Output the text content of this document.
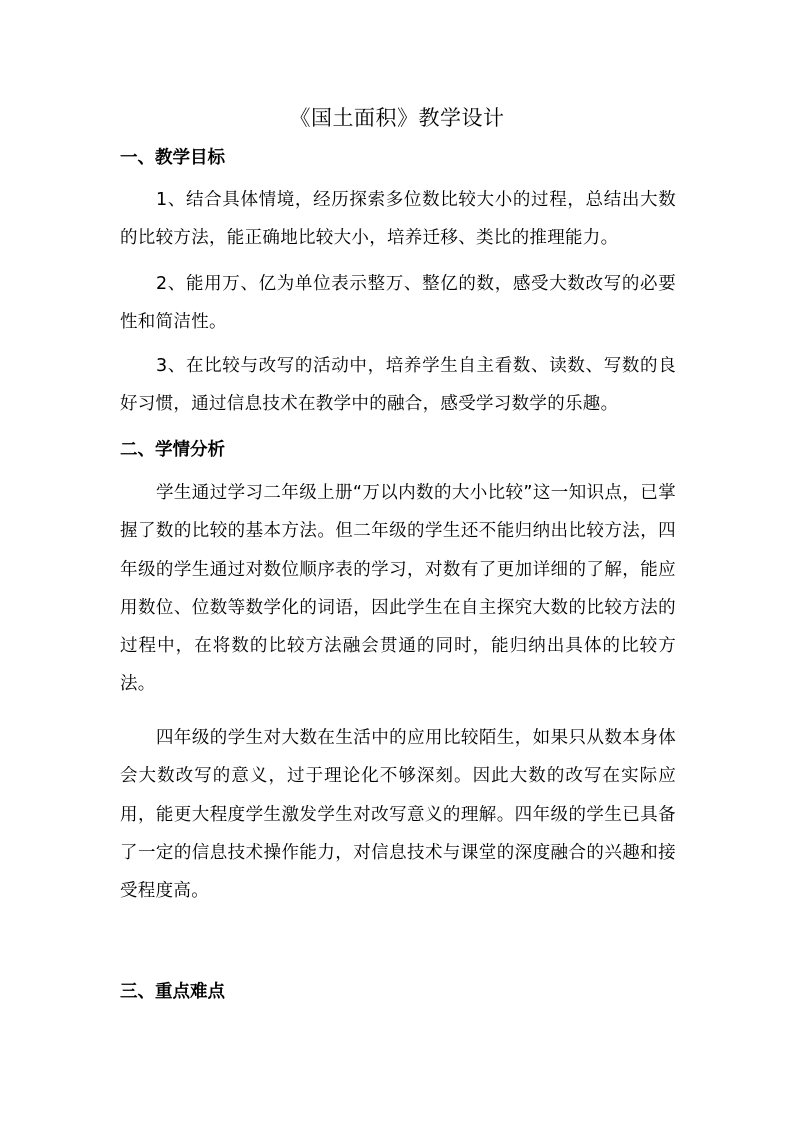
《国土面积》教学设计
一、教学目标
1、结合具体情境，经历探索多位数比较大小的过程，总结出大数的比较方法，能正确地比较大小，培养迁移、类比的推理能力。
2、能用万、亿为单位表示整万、整亿的数，感受大数改写的必要性和简洁性。
3、在比较与改写的活动中，培养学生自主看数、读数、写数的良好习惯，通过信息技术在教学中的融合，感受学习数学的乐趣。
二、学情分析
学生通过学习二年级上册“万以内数的大小比较”这一知识点，已掌握了数的比较的基本方法。但二年级的学生还不能归纳出比较方法，四年级的学生通过对数位顺序表的学习，对数有了更加详细的了解，能应用数位、位数等数学化的词语，因此学生在自主探究大数的比较方法的过程中，在将数的比较方法融会贯通的同时，能归纳出具体的比较方法。
四年级的学生对大数在生活中的应用比较陌生，如果只从数本身体会大数改写的意义，过于理论化不够深刻。因此大数的改写在实际应用，能更大程度学生激发学生对改写意义的理解。四年级的学生已具备了一定的信息技术操作能力，对信息技术与课堂的深度融合的兴趣和接受程度高。
三、重点难点
